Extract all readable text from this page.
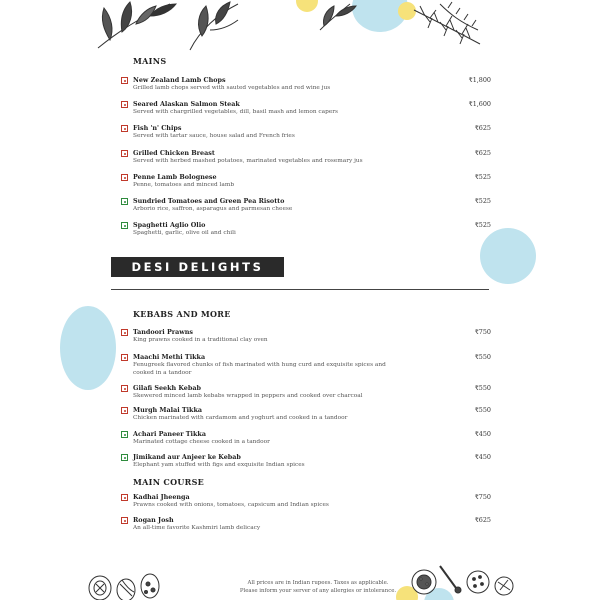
MAINS
New Zealand Lamb Chops
Grilled lamb chops served with sauted vegetables and red wine jus
₹1,800
Seared Alaskan Salmon Steak
Served with chargrilled vegetables, dill, basil mash and lemon capers
₹1,600
Fish 'n' Chips
Served with tartar sauce, house salad and French fries
₹625
Grilled Chicken Breast
Served with herbed mashed potatoes, marinated vegetables and rosemary jus
₹625
Penne Lamb Bolognese
Penne, tomatoes and minced lamb
₹525
Sundried Tomatoes and Green Pea Risotto
Arborio rice, saffron, asparagus and parmesan cheese
₹525
Spaghetti Aglio Olio
Spaghetti, garlic, olive oil and chili
₹525
DESI DELIGHTS
KEBABS AND MORE
Tandoori Prawns
King prawns cooked in a traditional clay oven
₹750
Maachi Methi Tikka
Fenugreek flavored chunks of fish marinated with hung curd and exquisite spices and cooked in a tandoor
₹550
Gilafi Seekh Kebab
Skewered minced lamb kebabs wrapped in peppers and cooked over charcoal
₹550
Murgh Malai Tikka
Chicken marinated with cardamom and yoghurt and cooked in a tandoor
₹550
Achari Paneer Tikka
Marinated cottage cheese cooked in a tandoor
₹450
Jimikand aur Anjeer ke Kebab
Elephant yam stuffed with figs and exquisite Indian spices
₹450
MAIN COURSE
Kadhai Jheenga
Prawns cooked with onions, tomatoes, capsicum and Indian spices
₹750
Rogan Josh
An all-time favorite Kashmiri lamb delicacy
₹625
All prices are in Indian rupees. Taxes as applicable.
Please inform your server of any allergies or intolerance.
